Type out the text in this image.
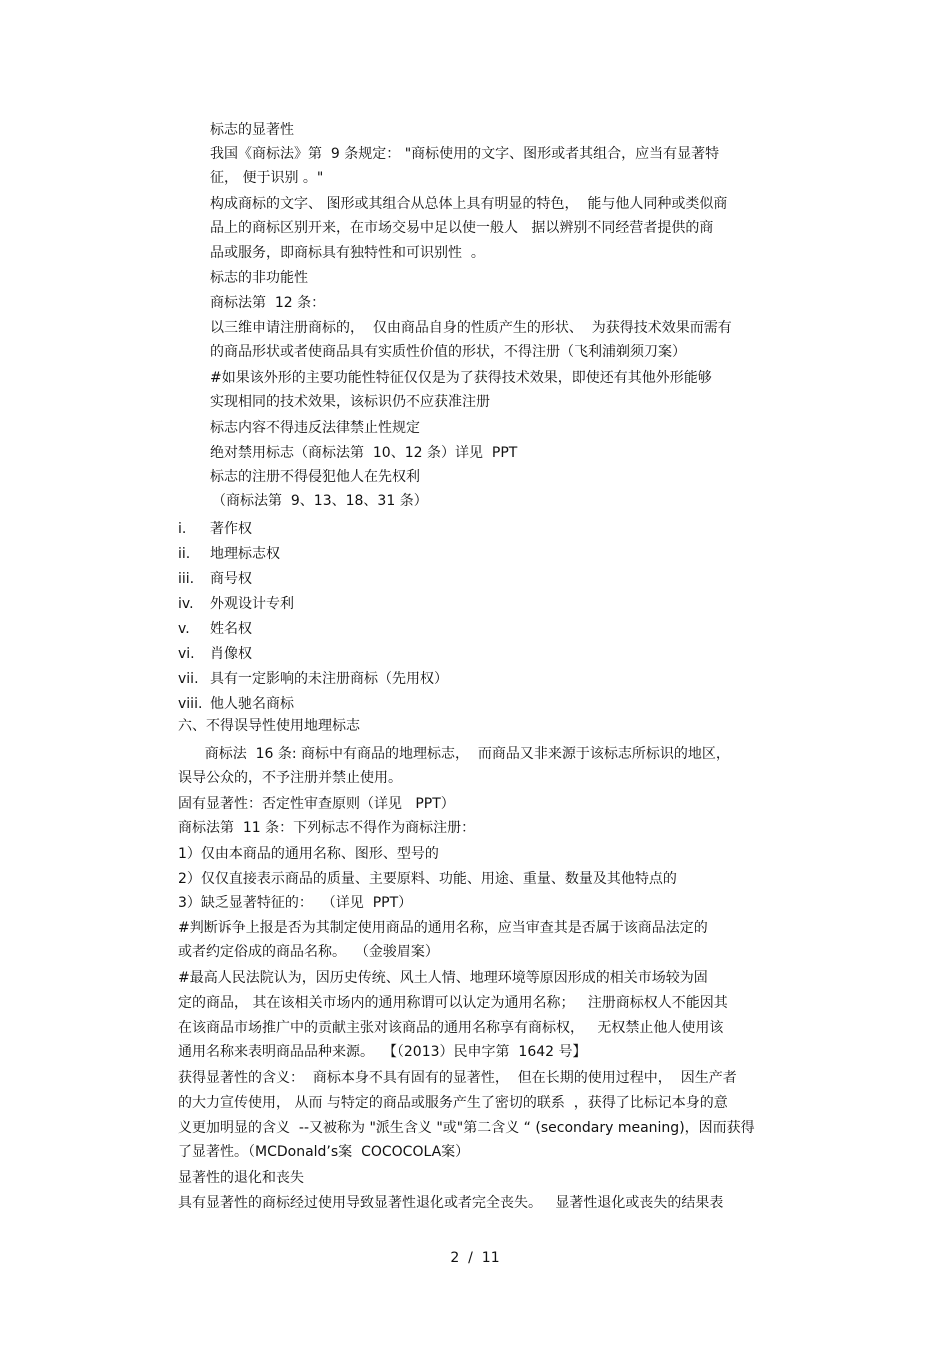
标志的显著性

我国《商标法》第  9 条规定： "商标使用的文字、图形或者其组合，应当有显著特

征， 便于识别 。"

构成商标的文字、 图形或其组合从总体上具有明显的特色，  能与他人同种或类似商

品上的商标区别开来，在市场交易中足以使一般人   据以辨别不同经营者提供的商

品或服务，即商标具有独特性和可识别性  。

标志的非功能性

商标法第  12 条：

以三维申请注册商标的，  仅由商品自身的性质产生的形状、  为获得技术效果而需有

的商品形状或者使商品具有实质性价值的形状，不得注册（飞利浦剃须刀案）

#如果该外形的主要功能性特征仅仅是为了获得技术效果，即使还有其他外形能够

实现相同的技术效果，该标识仍不应获准注册

标志内容不得违反法律禁止性规定

绝对禁用标志（商标法第  10、12 条）详见  PPT

标志的注册不得侵犯他人在先权利

（商标法第  9、13、18、31 条）

i. 著作权
ii. 地理标志权
iii. 商号权
iv. 外观设计专利
v. 姓名权
vi. 肖像权
vii. 具有一定影响的未注册商标（先用权）
viii. 他人驰名商标

六、不得误导性使用地理标志

商标法  16 条: 商标中有商品的地理标志，  而商品又非来源于该标志所标识的地区，

误导公众的，不予注册并禁止使用。

固有显著性：否定性审查原则（详见   PPT）

商标法第  11 条：下列标志不得作为商标注册：

1）仅由本商品的通用名称、图形、型号的

2）仅仅直接表示商品的质量、主要原料、功能、用途、重量、数量及其他特点的

3）缺乏显著特征的：  （详见  PPT）

#判断诉争上报是否为其制定使用商品的通用名称，应当审查其是否属于该商品法定的

或者约定俗成的商品名称。  （金骏眉案）

#最高人民法院认为，因历史传统、风土人情、地理环境等原因形成的相关市场较为固

定的商品， 其在该相关市场内的通用称谓可以认定为通用名称；   注册商标权人不能因其

在该商品市场推广中的贡献主张对该商品的通用名称享有商标权，   无权禁止他人使用该

通用名称来表明商品品种来源。  【（2013）民申字第  1642 号】

获得显著性的含义：  商标本身不具有固有的显著性，  但在长期的使用过程中，  因生产者

的大力宣传使用， 从而 与特定的商品或服务产生了密切的联系  ，获得了比标记本身的意

义更加明显的含义  --又被称为 "派生含义 "或"第二含义 “ (secondary meaning)，因而获得

了显著性。（MCDonald’s案  COCOCOLA案）

显著性的退化和丧失

具有显著性的商标经过使用导致显著性退化或者完全丧失。   显著性退化或丧失的结果表

2  /  11
